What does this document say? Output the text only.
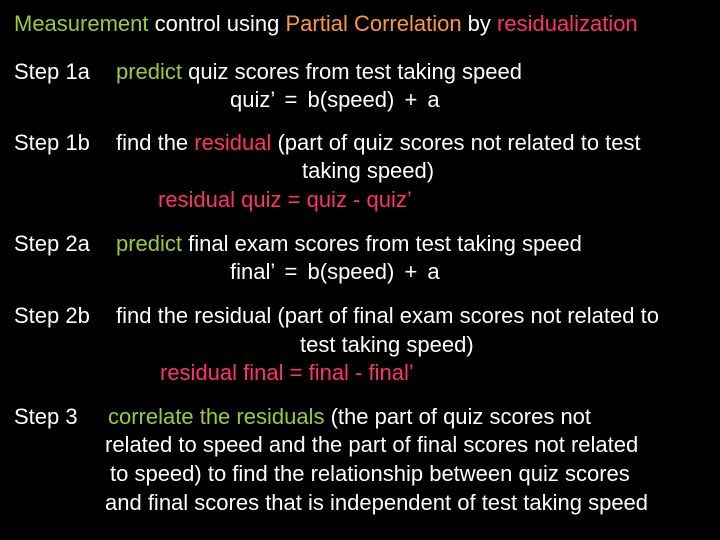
Measurement control using Partial Correlation by residualization
Step 1a predict quiz scores from test taking speed
quiz’ = b(speed) + a
Step 1b find the residual (part of quiz scores not related to test
taking speed)
residual quiz = quiz - quiz’
Step 2a predict final exam scores from test taking speed
final’ = b(speed) + a
Step 2b find the residual (part of final exam scores not related to
test taking speed)
residual final = final - final’
Step 3 correlate the residuals (the part of quiz scores not
related to speed and the part of final scores not related
to speed) to find the relationship between quiz scores
and final scores that is independent of test taking speed
